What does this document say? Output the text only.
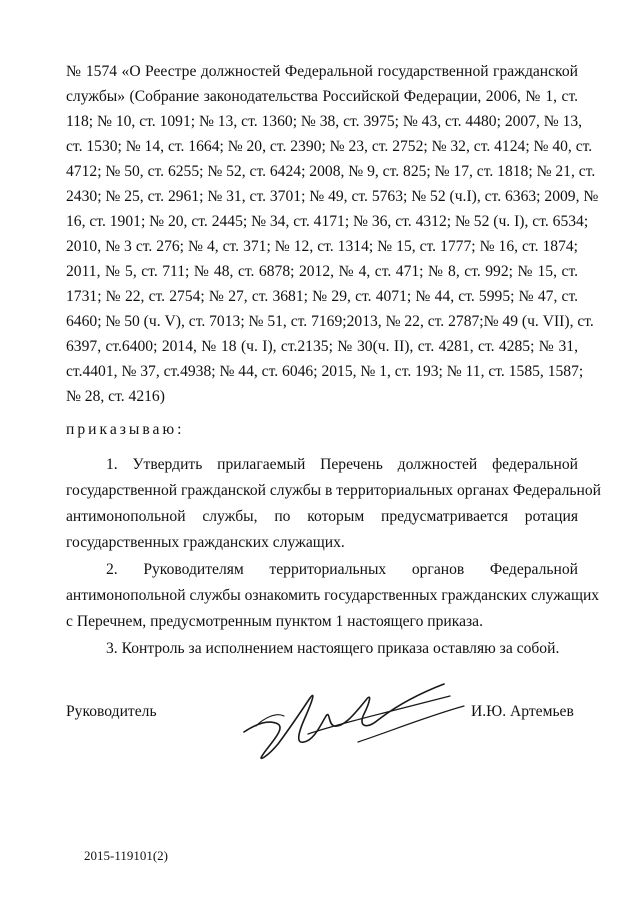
№ 1574 «О Реестре должностей Федеральной государственной гражданской
службы» (Собрание законодательства Российской Федерации, 2006, № 1, ст.
118; № 10, ст. 1091; № 13, ст. 1360; № 38, ст. 3975; № 43, ст. 4480; 2007, № 13,
ст. 1530; № 14, ст. 1664; № 20, ст. 2390; № 23, ст. 2752; № 32, ст. 4124; № 40, ст.
4712; № 50, ст. 6255; № 52, ст. 6424; 2008, № 9, ст. 825; № 17, ст. 1818; № 21, ст.
2430; № 25, ст. 2961; № 31, ст. 3701; № 49, ст. 5763; № 52 (ч.I), ст. 6363; 2009, №
16, ст. 1901; № 20, ст. 2445; № 34, ст. 4171; № 36, ст. 4312; № 52 (ч. I), ст. 6534;
2010, № 3 ст. 276; № 4, ст. 371; № 12, ст. 1314; № 15, ст. 1777; № 16, ст. 1874;
2011, № 5, ст. 711; № 48, ст. 6878; 2012, № 4, ст. 471; № 8, ст. 992; № 15, ст.
1731; № 22, ст. 2754; № 27, ст. 3681; № 29, ст. 4071; № 44, ст. 5995; № 47, ст.
6460; № 50 (ч. V), ст. 7013; № 51, ст. 7169;2013, № 22, ст. 2787;№ 49 (ч. VII), ст.
6397, ст.6400; 2014, № 18 (ч. I), ст.2135; № 30(ч. II), ст. 4281, ст. 4285; № 31,
ст.4401, № 37, ст.4938; № 44, ст. 6046; 2015, № 1, ст. 193; № 11, ст. 1585, 1587;
№ 28, ст. 4216)
приказываю:
1. Утвердить прилагаемый Перечень должностей федеральной
государственной гражданской службы в территориальных органах Федеральной
антимонопольной службы, по которым предусматривается ротация
государственных гражданских служащих.
2. Руководителям территориальных органов Федеральной
антимонопольной службы ознакомить государственных гражданских служащих
с Перечнем, предусмотренным пунктом 1 настоящего приказа.
3. Контроль за исполнением настоящего приказа оставляю за собой.
Руководитель	И.Ю. Артемьев
2015-119101(2)
